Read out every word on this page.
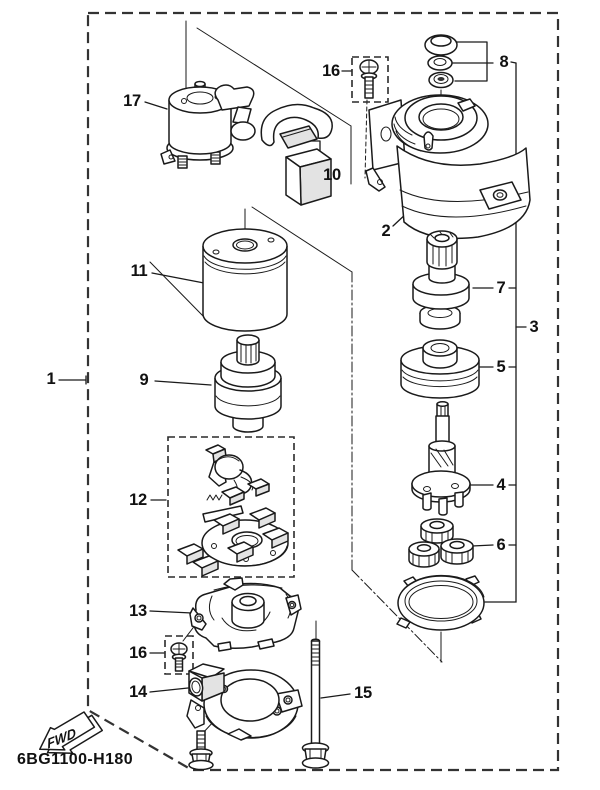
FWD
17
16	8
10
2
11
7
3
5
1	9
4
12
6
13
16
14	15
6BG1100-H180
